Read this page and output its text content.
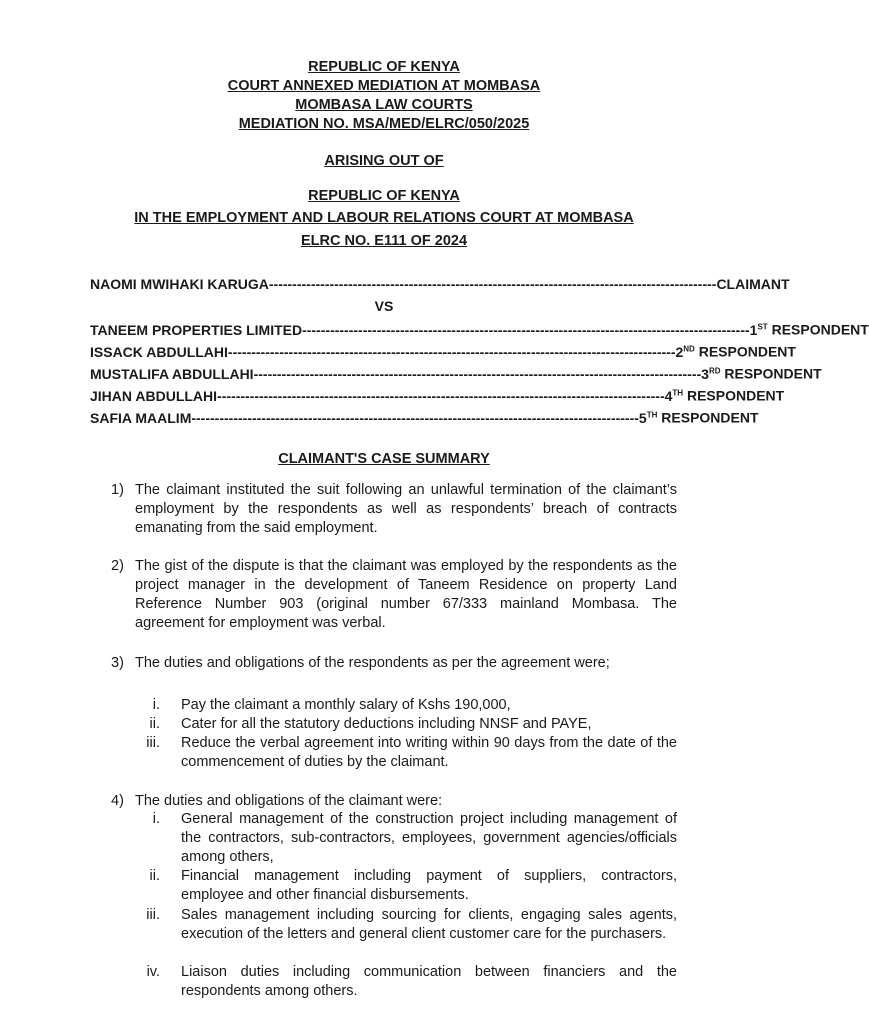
REPUBLIC OF KENYA
COURT ANNEXED MEDIATION AT MOMBASA
MOMBASA LAW COURTS
MEDIATION NO. MSA/MED/ELRC/050/2025
ARISING OUT OF
REPUBLIC OF KENYA
IN THE EMPLOYMENT AND LABOUR RELATIONS COURT AT MOMBASA
ELRC NO. E111 OF 2024
NAOMI MWIHAKI KARUGA ------------------------------------------------------------------------------------------------ CLAIMANT
VS
TANEEM PROPERTIES LIMITED ------------------------------------------------------------------------------------------------ 1ST RESPONDENT
ISSACK ABDULLAHI ------------------------------------------------------------------------------------------------ 2ND RESPONDENT
MUSTALIFA ABDULLAHI ------------------------------------------------------------------------------------------------ 3RD RESPONDENT
JIHAN ABDULLAHI ------------------------------------------------------------------------------------------------ 4TH RESPONDENT
SAFIA MAALIM ------------------------------------------------------------------------------------------------ 5TH RESPONDENT
CLAIMANT'S CASE SUMMARY
1) The claimant instituted the suit following an unlawful termination of the claimant’s employment by the respondents as well as respondents’ breach of contracts emanating from the said employment.
2) The gist of the dispute is that the claimant was employed by the respondents as the project manager in the development of Taneem Residence on property Land Reference Number 903 (original number 67/333 mainland Mombasa. The agreement for employment was verbal.
3) The duties and obligations of the respondents as per the agreement were;
i. Pay the claimant a monthly salary of Kshs 190,000,
ii. Cater for all the statutory deductions including NNSF and PAYE,
iii. Reduce the verbal agreement into writing within 90 days from the date of the commencement of duties by the claimant.
4) The duties and obligations of the claimant were:
i. General management of the construction project including management of the contractors, sub-contractors, employees, government agencies/officials among others,
ii. Financial management including payment of suppliers, contractors, employee and other financial disbursements.
iii. Sales management including sourcing for clients, engaging sales agents, execution of the letters and general client customer care for the purchasers.
iv. Liaison duties including communication between financiers and the respondents among others.
